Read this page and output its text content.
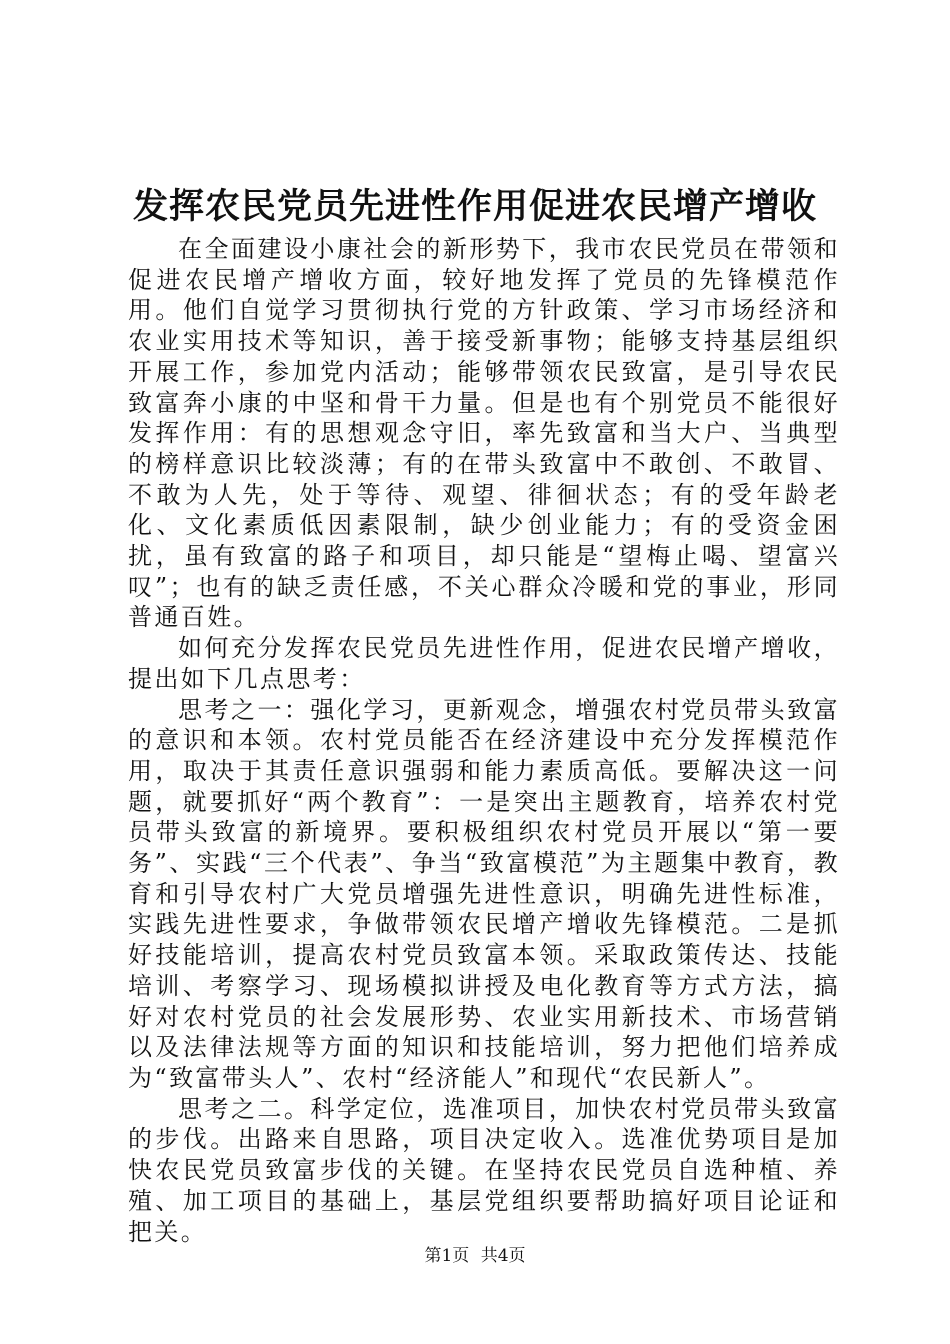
发挥农民党员先进性作用促进农民增产增收

在全面建设小康社会的新形势下，我市农民党员在带领和促进农民增产增收方面，较好地发挥了党员的先锋模范作用。他们自觉学习贯彻执行党的方针政策、学习市场经济和农业实用技术等知识，善于接受新事物；能够支持基层组织开展工作，参加党内活动；能够带领农民致富，是引导农民致富奔小康的中坚和骨干力量。但是也有个别党员不能很好发挥作用：有的思想观念守旧，率先致富和当大户、当典型的榜样意识比较淡薄；有的在带头致富中不敢创、不敢冒、不敢为人先，处于等待、观望、徘徊状态；有的受年龄老化、文化素质低因素限制，缺少创业能力；有的受资金困扰，虽有致富的路子和项目，却只能是“望梅止喝、望富兴叹”；也有的缺乏责任感，不关心群众冷暖和党的事业，形同普通百姓。

如何充分发挥农民党员先进性作用，促进农民增产增收，提出如下几点思考：

思考之一：强化学习，更新观念，增强农村党员带头致富的意识和本领。农村党员能否在经济建设中充分发挥模范作用，取决于其责任意识强弱和能力素质高低。要解决这一问题，就要抓好“两个教育”：一是突出主题教育，培养农村党员带头致富的新境界。要积极组织农村党员开展以“第一要务”、实践“三个代表”、争当“致富模范”为主题集中教育，教育和引导农村广大党员增强先进性意识，明确先进性标准，实践先进性要求，争做带领农民增产增收先锋模范。二是抓好技能培训，提高农村党员致富本领。采取政策传达、技能培训、考察学习、现场模拟讲授及电化教育等方式方法，搞好对农村党员的社会发展形势、农业实用新技术、市场营销以及法律法规等方面的知识和技能培训，努力把他们培养成为“致富带头人”、农村“经济能人”和现代“农民新人”。

思考之二。科学定位，选准项目，加快农村党员带头致富的步伐。出路来自思路，项目决定收入。选准优势项目是加快农民党员致富步伐的关键。在坚持农民党员自选种植、养殖、加工项目的基础上，基层党组织要帮助搞好项目论证和把关。

第1页 共4页
